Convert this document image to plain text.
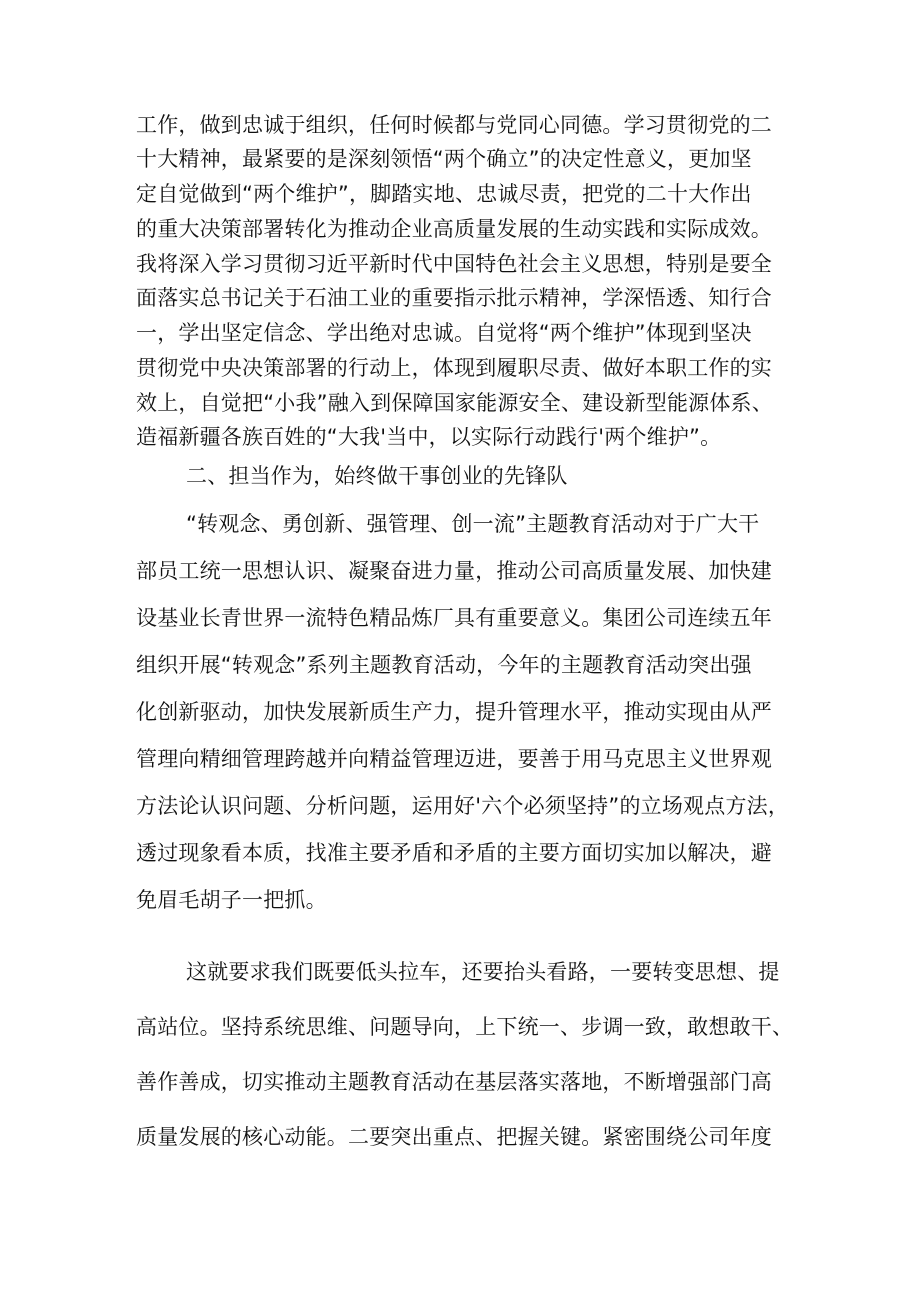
工作，做到忠诚于组织，任何时候都与党同心同德。学习贯彻党的二
十大精神，最紧要的是深刻领悟“两个确立”的决定性意义，更加坚
定自觉做到“两个维护”，脚踏实地、忠诚尽责，把党的二十大作出
的重大决策部署转化为推动企业高质量发展的生动实践和实际成效。
我将深入学习贯彻习近平新时代中国特色社会主义思想，特别是要全
面落实总书记关于石油工业的重要指示批示精神，学深悟透、知行合
一，学出坚定信念、学出绝对忠诚。自觉将“两个维护”体现到坚决
贯彻党中央决策部署的行动上，体现到履职尽责、做好本职工作的实
效上，自觉把“小我”融入到保障国家能源安全、建设新型能源体系、
造福新疆各族百姓的“大我'当中，以实际行动践行'两个维护”。
二、担当作为，始终做干事创业的先锋队
“转观念、勇创新、强管理、创一流”主题教育活动对于广大干
部员工统一思想认识、凝聚奋进力量，推动公司高质量发展、加快建
设基业长青世界一流特色精品炼厂具有重要意义。集团公司连续五年
组织开展“转观念”系列主题教育活动，今年的主题教育活动突出强
化创新驱动，加快发展新质生产力，提升管理水平，推动实现由从严
管理向精细管理跨越并向精益管理迈进，要善于用马克思主义世界观
方法论认识问题、分析问题，运用好'六个必须坚持”的立场观点方法，
透过现象看本质，找准主要矛盾和矛盾的主要方面切实加以解决，避
免眉毛胡子一把抓。
这就要求我们既要低头拉车，还要抬头看路，一要转变思想、提
高站位。坚持系统思维、问题导向，上下统一、步调一致，敢想敢干、
善作善成，切实推动主题教育活动在基层落实落地，不断增强部门高
质量发展的核心动能。二要突出重点、把握关键。紧密围绕公司年度
